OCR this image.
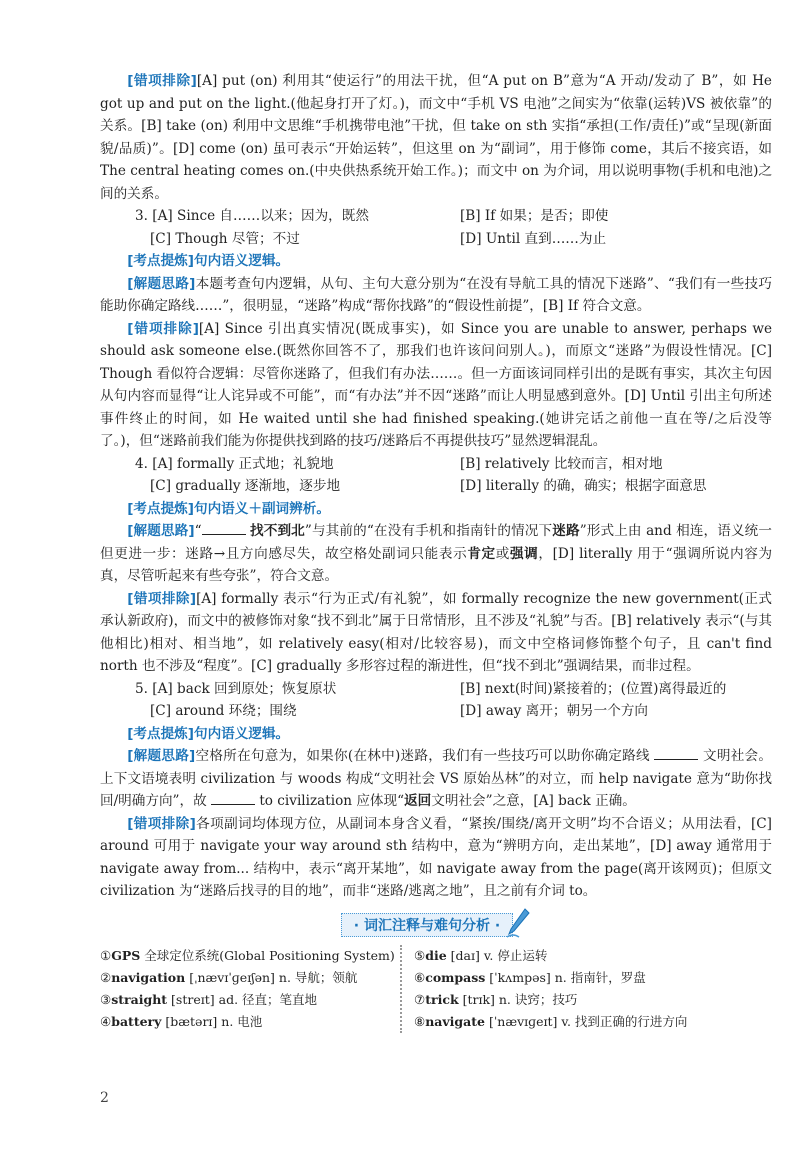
[错项排除][A] put (on) 利用其“使运行”的用法干扰，但“A put on B”意为“A 开动/发动了 B”，如 He got up and put on the light.(他起身打开了灯。)，而文中“手机 VS 电池”之间实为“依靠(运转)VS 被依靠”的关系。[B] take (on) 利用中文思维“手机携带电池”干扰，但 take on sth 实指“承担(工作/责任)”或“呈现(新面貌/品质)”。[D] come (on) 虽可表示“开始运转”，但这里 on 为“副词”，用于修饰 come，其后不接宾语，如 The central heating comes on.(中央供热系统开始工作。)；而文中 on 为介词，用以说明事物(手机和电池)之间的关系。

3. [A] Since 自……以来；因为，既然	[B] If 如果；是否；即使
[C] Though 尽管；不过	[D] Until 直到……为止

[考点提炼]句内语义逻辑。

[解题思路]本题考查句内逻辑，从句、主句大意分别为“在没有导航工具的情况下迷路”、“我们有一些技巧能助你确定路线……”，很明显，“迷路”构成“帮你找路”的“假设性前提”，[B] If 符合文意。

[错项排除][A] Since 引出真实情况(既成事实)，如 Since you are unable to answer, perhaps we should ask someone else.(既然你回答不了，那我们也许该问问别人。)，而原文“迷路”为假设性情况。[C] Though 看似符合逻辑：尽管你迷路了，但我们有办法……。但一方面该词同样引出的是既有事实，其次主句因从句内容而显得“让人诧异或不可能”，而“有办法”并不因“迷路”而让人明显感到意外。[D] Until 引出主句所述事件终止的时间，如 He waited until she had finished speaking.(她讲完话之前他一直在等/之后没等了。)，但“迷路前我们能为你提供找到路的技巧/迷路后不再提供技巧”显然逻辑混乱。

4. [A] formally 正式地；礼貌地	[B] relatively 比较而言，相对地
[C] gradually 逐渐地，逐步地	[D] literally 的确，确实；根据字面意思

[考点提炼]句内语义＋副词辨析。

[解题思路]“	找不到北”与其前的“在没有手机和指南针的情况下迷路”形式上由 and 相连，语义统一但更进一步：迷路→且方向感尽失，故空格处副词只能表示肯定或强调，[D] literally 用于“强调所说内容为真，尽管听起来有些夸张”，符合文意。

[错项排除][A] formally 表示“行为正式/有礼貌”，如 formally recognize the new government(正式承认新政府)，而文中的被修饰对象“找不到北”属于日常情形，且不涉及“礼貌”与否。[B] relatively 表示“(与其他相比)相对、相当地”，如 relatively easy(相对/比较容易)，而文中空格词修饰整个句子，且 can't find north 也不涉及“程度”。[C] gradually 多形容过程的渐进性，但“找不到北”强调结果，而非过程。

5. [A] back 回到原处；恢复原状	[B] next(时间)紧接着的；(位置)离得最近的
[C] around 环绕；围绕	[D] away 离开；朝另一个方向

[考点提炼]句内语义逻辑。

[解题思路]空格所在句意为，如果你(在林中)迷路，我们有一些技巧可以助你确定路线	文明社会。上下文语境表明 civilization 与 woods 构成“文明社会 VS 原始丛林”的对立，而 help navigate 意为“助你找回/明确方向”，故	to civilization 应体现“返回文明社会”之意，[A] back 正确。

[错项排除]各项副词均体现方位，从副词本身含义看，“紧挨/围绕/离开文明”均不合语义；从用法看，[C] around 可用于 navigate your way around sth 结构中，意为“辨明方向，走出某地”，[D] away 通常用于 navigate away from... 结构中，表示“离开某地”，如 navigate away from the page(离开该网页)；但原文 civilization 为“迷路后找寻的目的地”，而非“迷路/逃离之地”，且之前有介词 to。

· 词汇注释与难句分析 ·
①GPS 全球定位系统(Global Positioning System)
②navigation [ˌnævɪˈɡeɪʃən] n. 导航；领航
③straight [streɪt] ad. 径直；笔直地
④battery [bætərɪ] n. 电池
⑤die [daɪ] v. 停止运转
⑥compass [ˈkʌmpəs] n. 指南针，罗盘
⑦trick [trɪk] n. 诀窍；技巧
⑧navigate [ˈnævɪɡeɪt] v. 找到正确的行进方向
2
